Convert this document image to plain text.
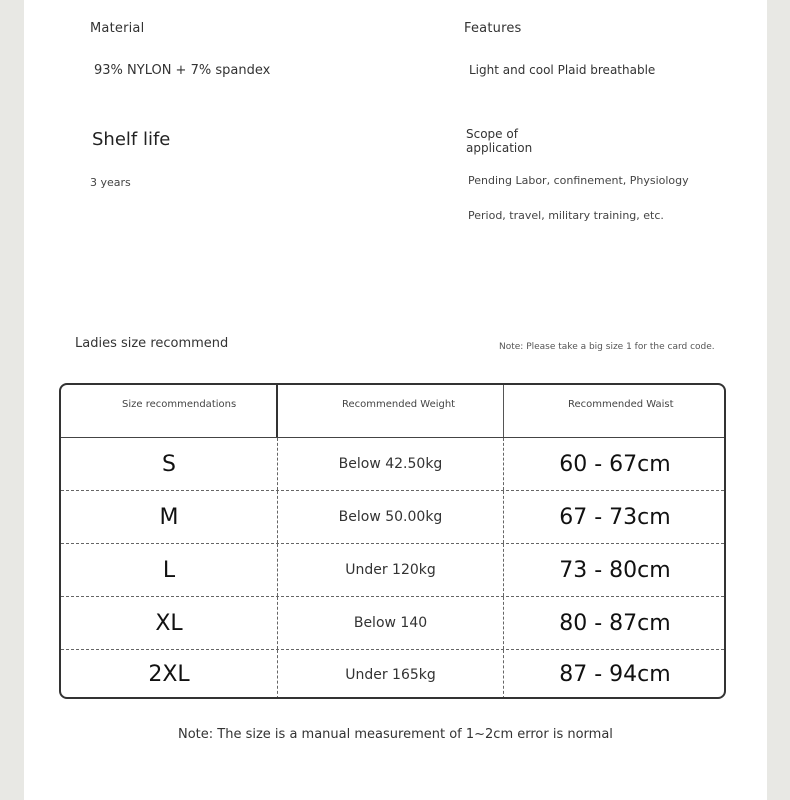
Material
93% NYLON + 7% spandex
Features
Light and cool Plaid breathable
Shelf life
3 years
Scope of application
Pending Labor, confinement, Physiology
Period, travel, military training, etc.
Ladies size recommend	Note: Please take a big size 1 for the card code.
Size recommendations	Recommended Weight	Recommended Waist
S	Below 42.50kg	60 - 67cm
M	Below 50.00kg	67 - 73cm
L	Under 120kg	73 - 80cm
XL	Below 140	80 - 87cm
2XL	Under 165kg	87 - 94cm
Note: The size is a manual measurement of 1~2cm error is normal
